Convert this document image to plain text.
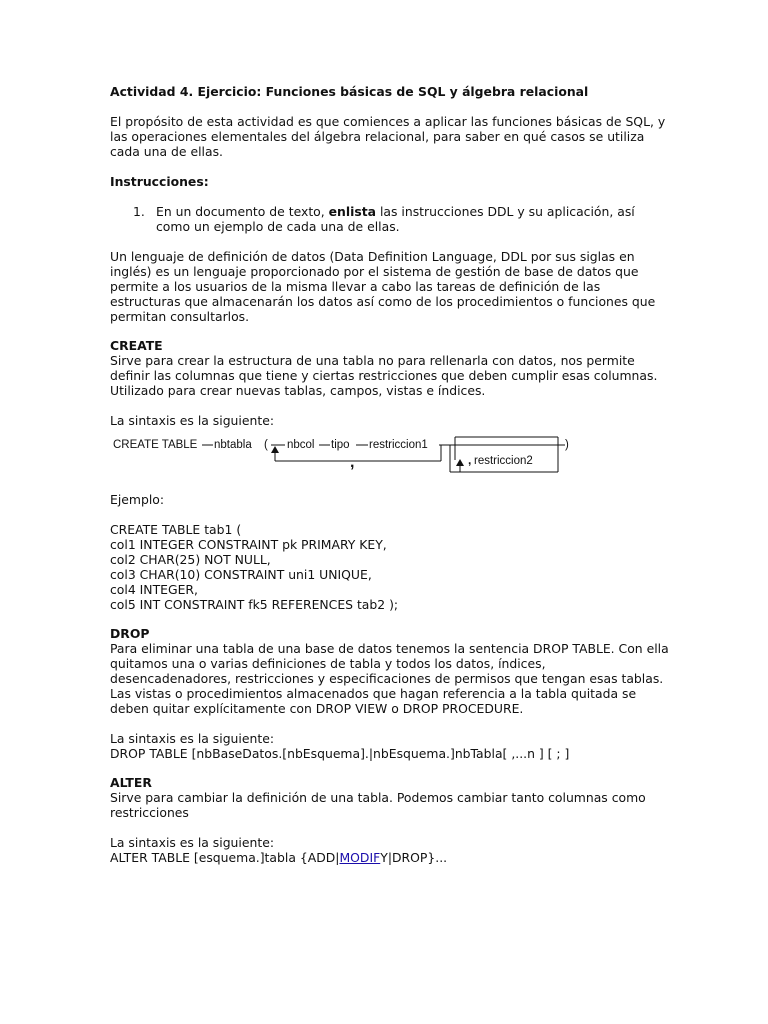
Actividad 4. Ejercicio: Funciones básicas de SQL y álgebra relacional

El propósito de esta actividad es que comiences a aplicar las funciones básicas de SQL, y las operaciones elementales del álgebra relacional, para saber en qué casos se utiliza cada una de ellas.

Instrucciones:

1. En un documento de texto, enlista las instrucciones DDL y su aplicación, así como un ejemplo de cada una de ellas.

Un lenguaje de definición de datos (Data Definition Language, DDL por sus siglas en inglés) es un lenguaje proporcionado por el sistema de gestión de base de datos que permite a los usuarios de la misma llevar a cabo las tareas de definición de las estructuras que almacenarán los datos así como de los procedimientos o funciones que permitan consultarlos.

CREATE

Sirve para crear la estructura de una tabla no para rellenarla con datos, nos permite definir las columnas que tiene y ciertas restricciones que deben cumplir esas columnas. Utilizado para crear nuevas tablas, campos, vistas e índices.

La sintaxis es la siguiente:

CREATE TABLE nbtabla ( nbcol tipo restriccion1	)
,	, restriccion2

Ejemplo:

CREATE TABLE tab1 (

col1 INTEGER CONSTRAINT pk PRIMARY KEY,

col2 CHAR(25) NOT NULL,

col3 CHAR(10) CONSTRAINT uni1 UNIQUE,

col4 INTEGER,

col5 INT CONSTRAINT fk5 REFERENCES tab2 );

DROP

Para eliminar una tabla de una base de datos tenemos la sentencia DROP TABLE. Con ella quitamos una o varias definiciones de tabla y todos los datos, índices, desencadenadores, restricciones y especificaciones de permisos que tengan esas tablas.

Las vistas o procedimientos almacenados que hagan referencia a la tabla quitada se deben quitar explícitamente con DROP VIEW o DROP PROCEDURE.

La sintaxis es la siguiente:

DROP TABLE [nbBaseDatos.[nbEsquema].|nbEsquema.]nbTabla[ ,...n ] [ ; ]

ALTER

Sirve para cambiar la definición de una tabla. Podemos cambiar tanto columnas como restricciones

La sintaxis es la siguiente:

ALTER TABLE [esquema.]tabla {ADD|MODIFY|DROP}...
